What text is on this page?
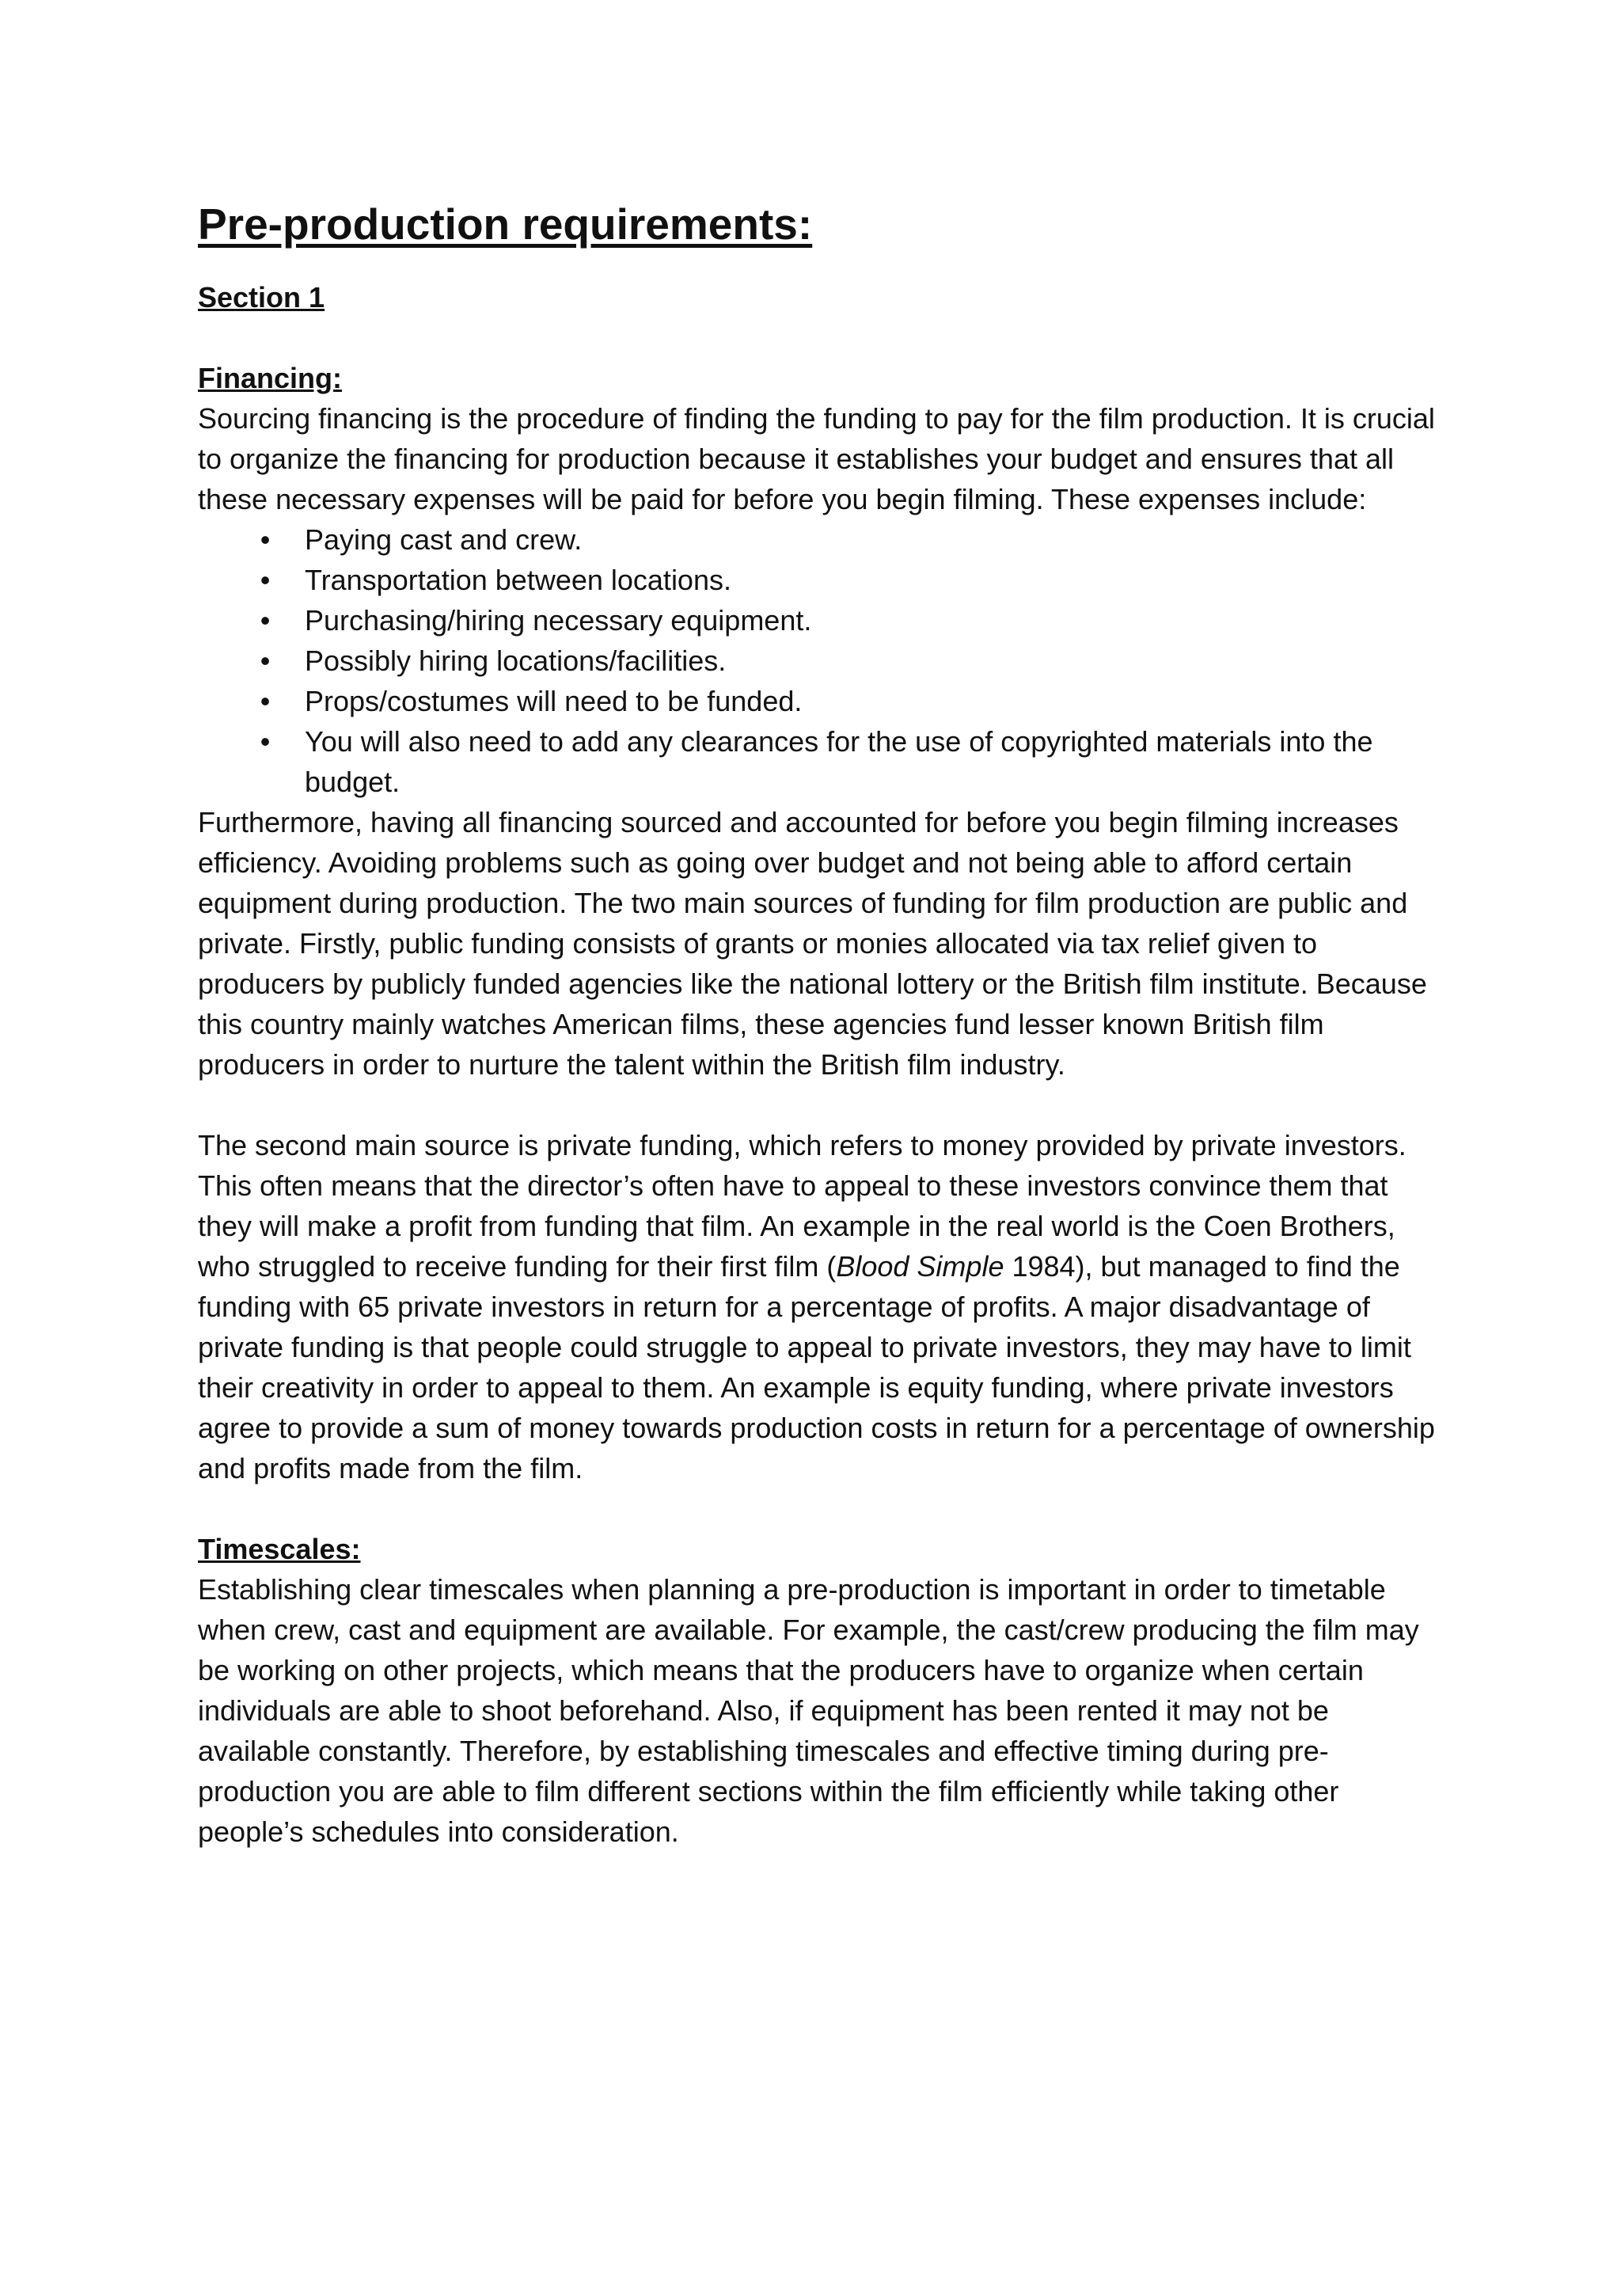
Pre-production requirements:
Section 1
Financing:

Sourcing financing is the procedure of finding the funding to pay for the film production. It is crucial to organize the financing for production because it establishes your budget and ensures that all these necessary expenses will be paid for before you begin filming. These expenses include:

• Paying cast and crew.
• Transportation between locations.
• Purchasing/hiring necessary equipment.
• Possibly hiring locations/facilities.
• Props/costumes will need to be funded.
• You will also need to add any clearances for the use of copyrighted materials into the budget.

Furthermore, having all financing sourced and accounted for before you begin filming increases efficiency. Avoiding problems such as going over budget and not being able to afford certain equipment during production. The two main sources of funding for film production are public and private. Firstly, public funding consists of grants or monies allocated via tax relief given to producers by publicly funded agencies like the national lottery or the British film institute. Because this country mainly watches American films, these agencies fund lesser known British film producers in order to nurture the talent within the British film industry.

The second main source is private funding, which refers to money provided by private investors. This often means that the director’s often have to appeal to these investors convince them that they will make a profit from funding that film. An example in the real world is the Coen Brothers, who struggled to receive funding for their first film (Blood Simple 1984), but managed to find the funding with 65 private investors in return for a percentage of profits. A major disadvantage of private funding is that people could struggle to appeal to private investors, they may have to limit their creativity in order to appeal to them. An example is equity funding, where private investors agree to provide a sum of money towards production costs in return for a percentage of ownership and profits made from the film.

Timescales:

Establishing clear timescales when planning a pre-production is important in order to timetable when crew, cast and equipment are available. For example, the cast/crew producing the film may be working on other projects, which means that the producers have to organize when certain individuals are able to shoot beforehand. Also, if equipment has been rented it may not be available constantly. Therefore, by establishing timescales and effective timing during pre-production you are able to film different sections within the film efficiently while taking other people’s schedules into consideration.
